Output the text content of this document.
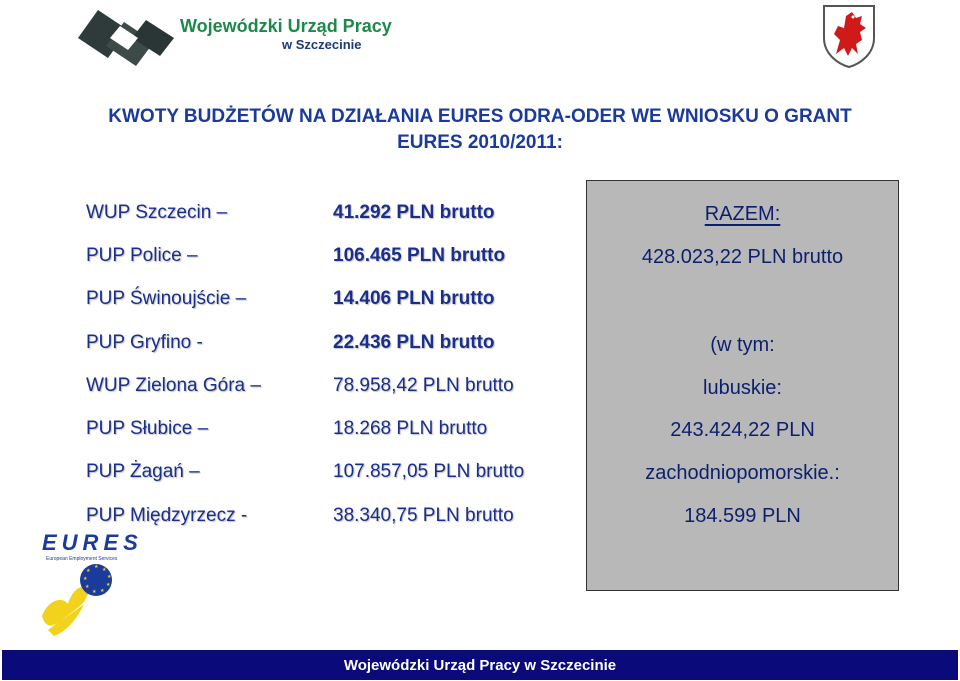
Wojewódzki Urząd Pracy
w Szczecinie
KWOTY BUDŻETÓW NA DZIAŁANIA EURES ODRA-ODER WE WNIOSKU O GRANT
EURES 2010/2011:
RAZEM:
428.023,22 PLN brutto
(w tym:
lubuskie:
243.424,22 PLN
zachodniopomorskie.:
184.599 PLN
WUP Szczecin –	41.292 PLN brutto
PUP Police –	106.465 PLN brutto
PUP Świnoujście –	14.406 PLN brutto
PUP Gryfino -	22.436 PLN brutto
WUP Zielona Góra –	78.958,42 PLN brutto
PUP Słubice –	18.268 PLN brutto
PUP Żagań –	107.857,05 PLN brutto
PUP Międzyrzecz -	38.340,75 PLN brutto
EURES
European Employment Services
★ ★
★
★
★
★
★
★
★
Wojewódzki Urząd Pracy w Szczecinie
